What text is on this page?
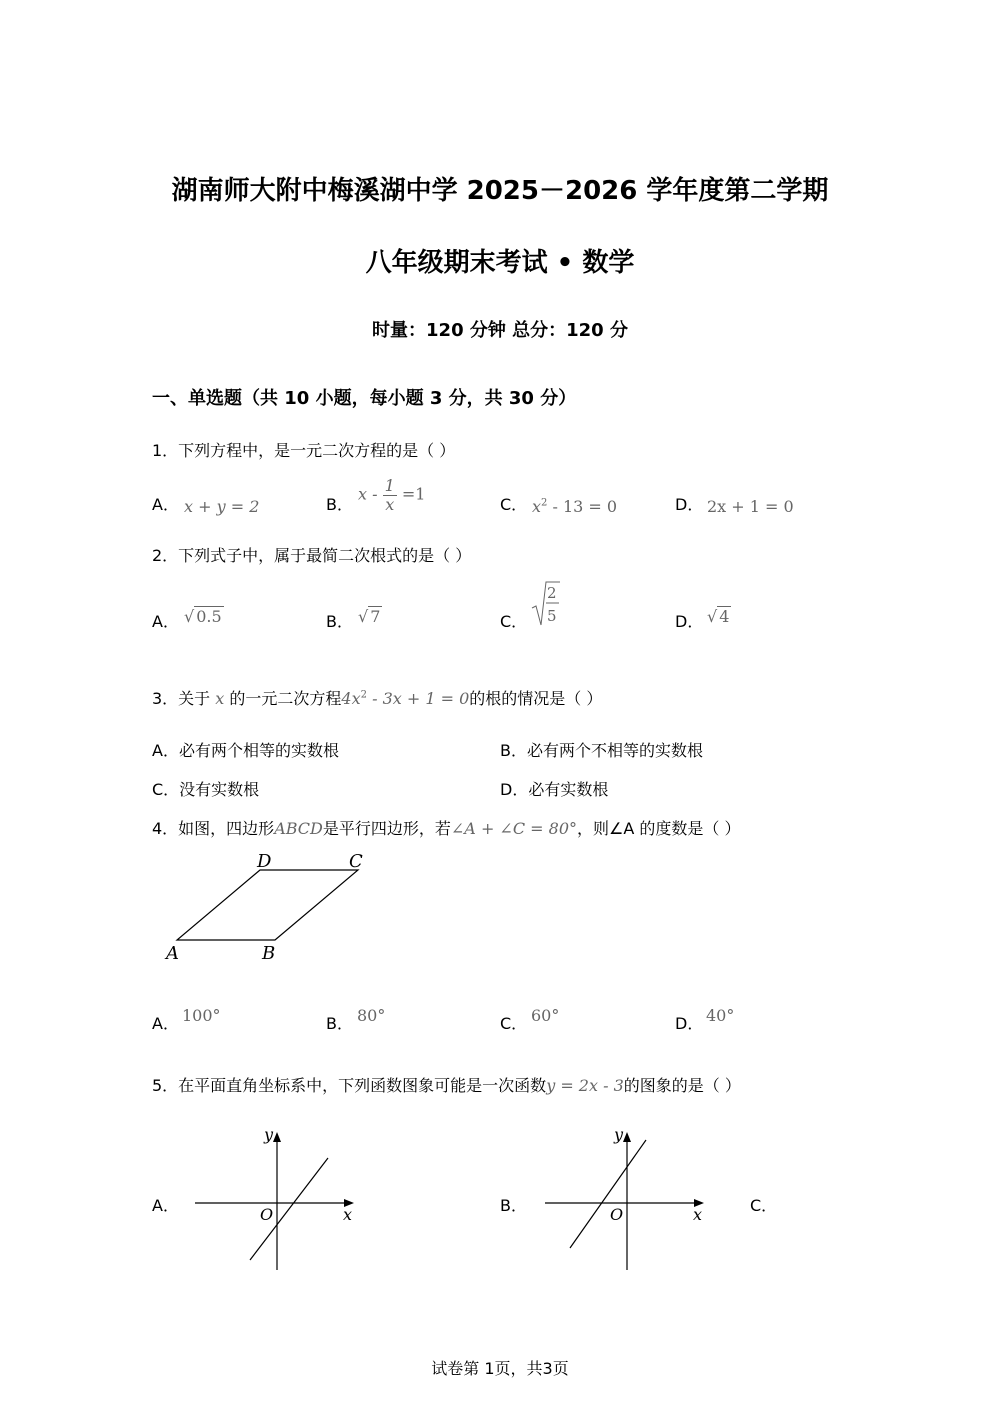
湖南师大附中梅溪湖中学 2025－2026 学年度第二学期
八年级期末考试 • 数学
时量：120 分钟 总分：120 分
一、单选题（共 10 小题，每小题 3 分，共 30 分）
1．下列方程中，是一元二次方程的是（ ）
A． x + y = 2	B．
$x - \frac{1}{x} =1$
C． $x^2 - 13 = 0$	D． 2x + 1 = 0
2．下列式子中，属于最简二次根式的是（ ）
A． √ 0.5	B． √ 7	C．
2
5	D． √ 4
3．关于 x 的一元二次方程$4x^2 - 3x + 1 = 0$的根的情况是（ ）
A．必有两个相等的实数根	B．必有两个不相等的实数根
C．没有实数根	D．必有实数根
4．如图，四边形ABCD是平行四边形，若∠A + ∠C = 80°，则∠A 的度数是（ ）
A	B
C
D
A． 100°	B． 80°	C． 60°	D． 40°
5．在平面直角坐标系中，下列函数图象可能是一次函数y = 2x - 3的图象的是（ ）
A．	O	x
y
B．	O	x
y
C．
试卷第 1页，共3页
